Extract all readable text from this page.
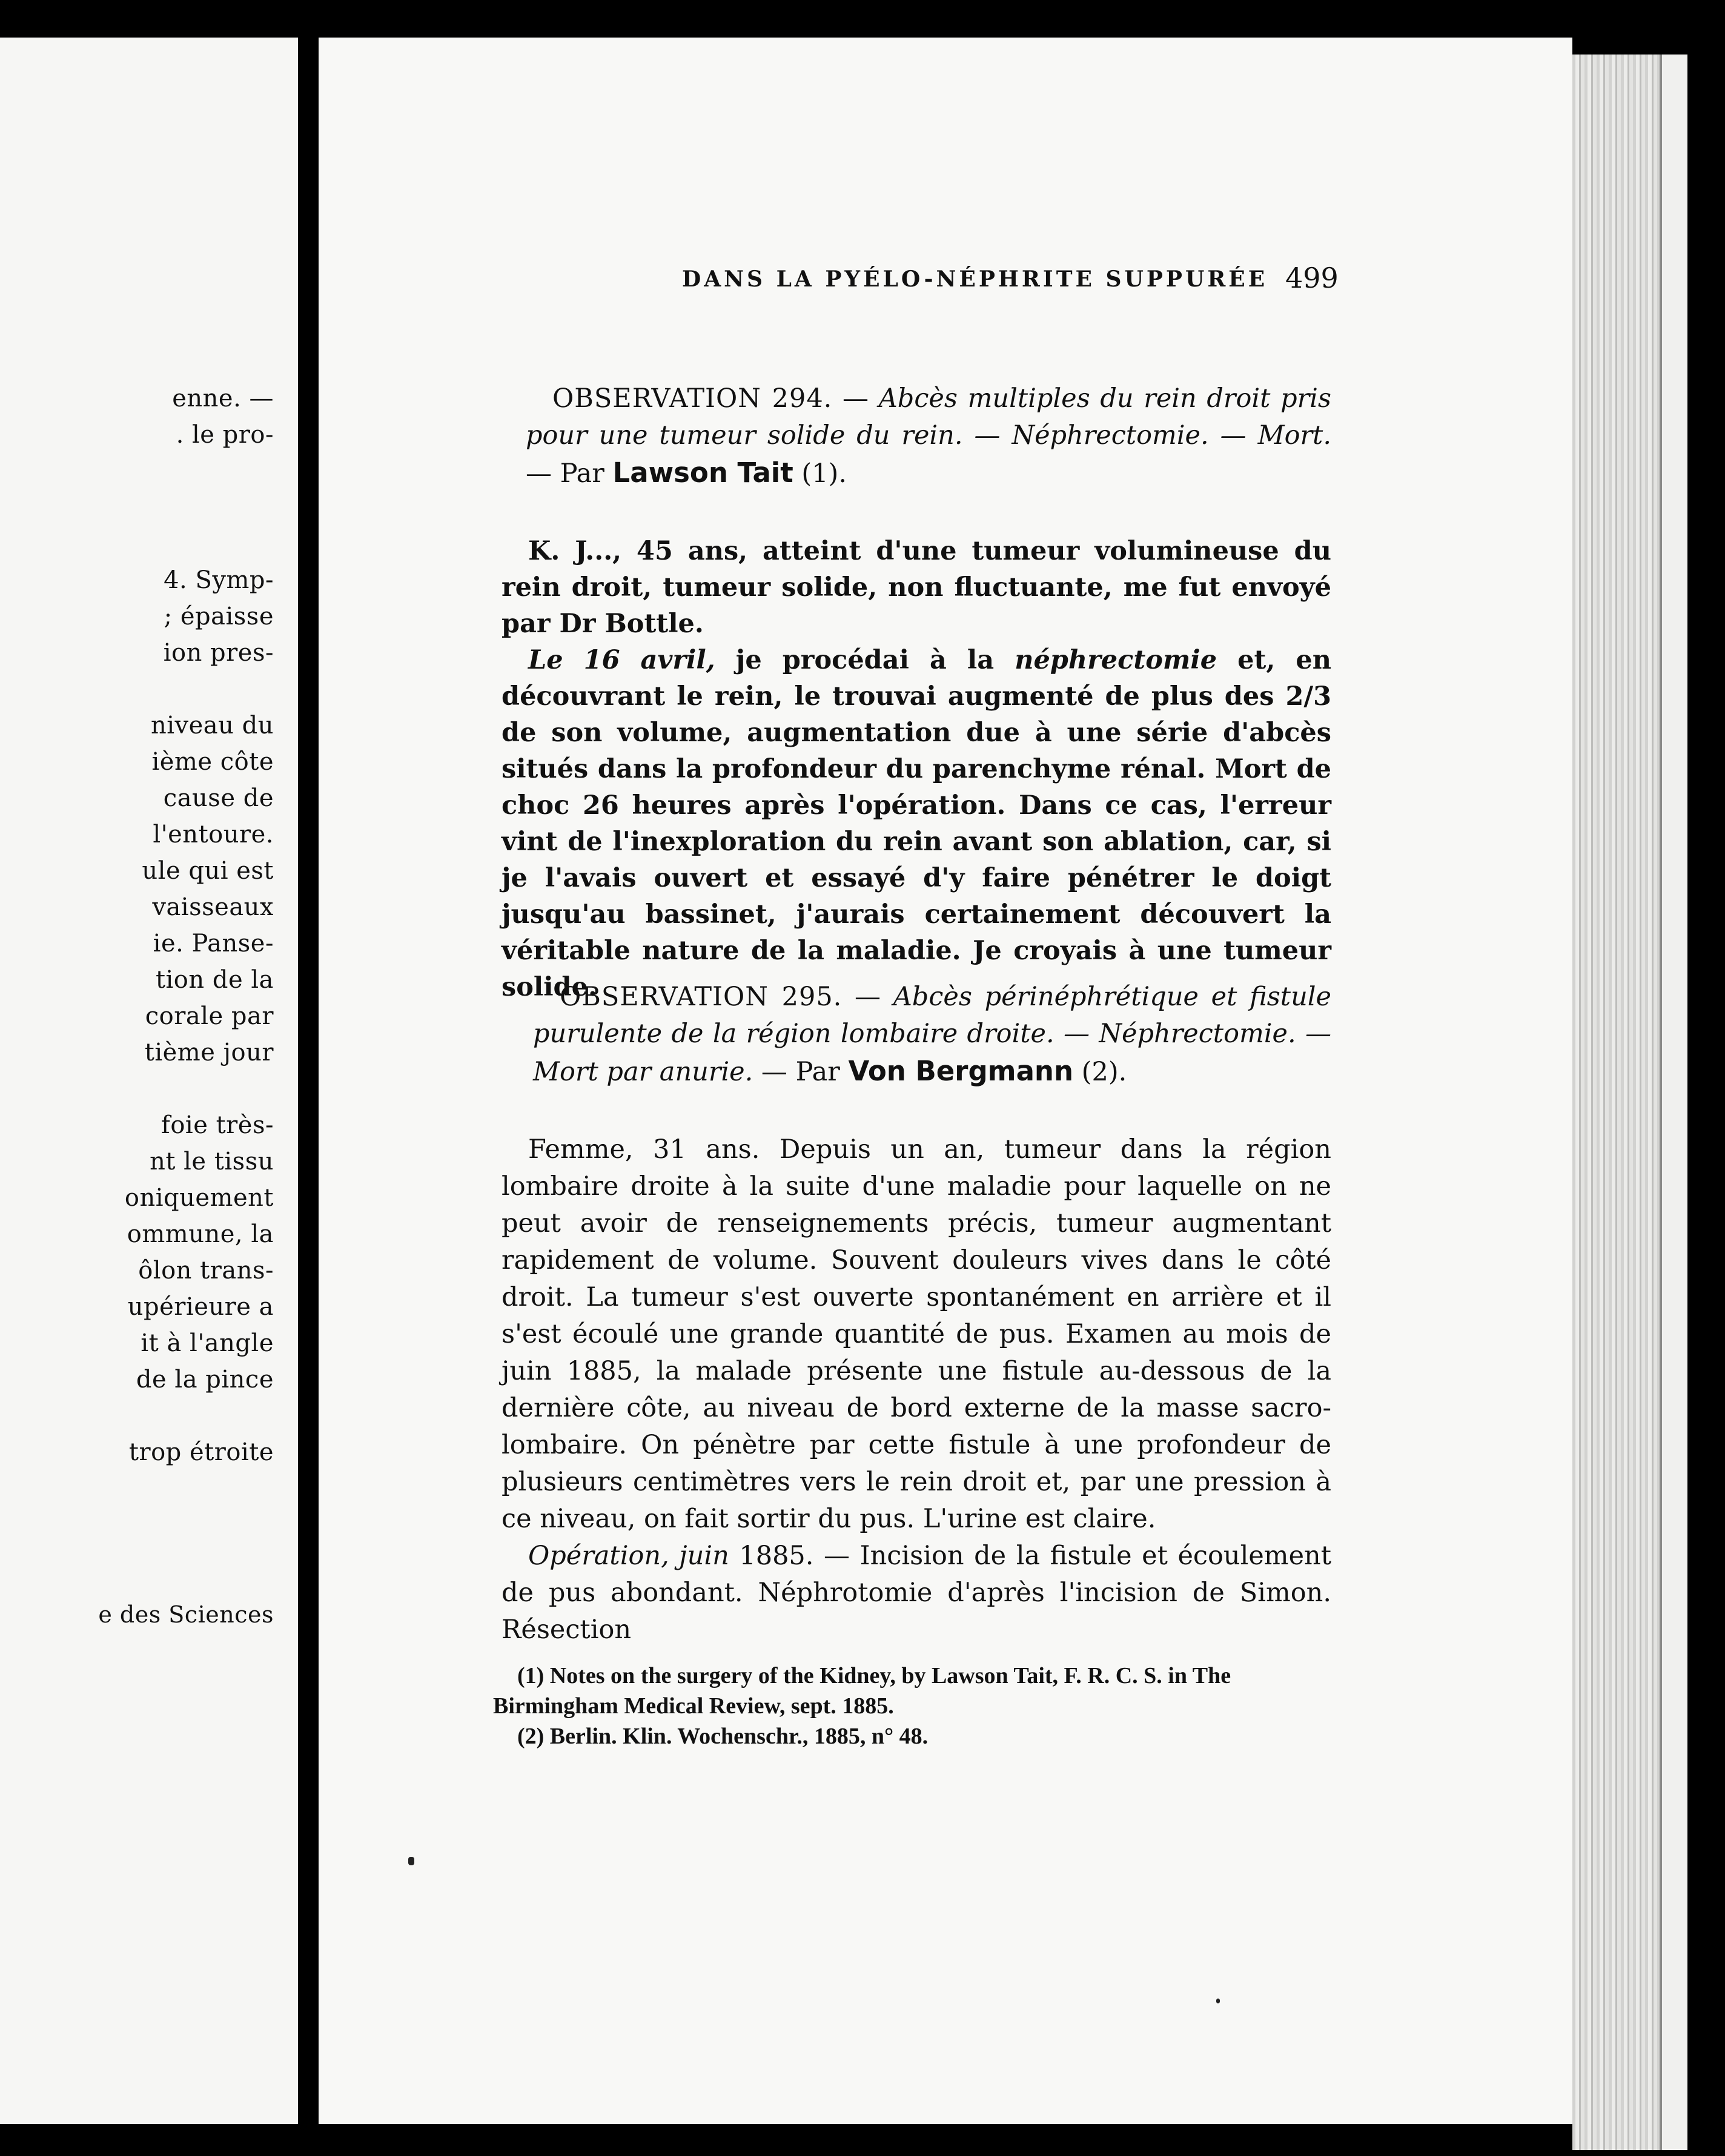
enne. —
. le pro-
4. Symp-
; épaisse
ion pres-
niveau du
ième côte
cause de
l'entoure.
ule qui est
vaisseaux
ie. Panse-
tion de la
corale par
tième jour
foie très-
nt le tissu
oniquement
ommune, la
ôlon trans-
upérieure a
it à l'angle
de la pince
trop étroite
e des Sciences
DANS LA PYÉLO-NÉPHRITE SUPPURÉE 499

OBSERVATION 294. — Abcès multiples du rein droit pris pour une tumeur solide du rein. — Néphrectomie. — Mort. — Par Lawson Tait (1).

K. J..., 45 ans, atteint d'une tumeur volumineuse du rein droit, tumeur solide, non fluctuante, me fut envoyé par Dr Bottle.

Le 16 avril, je procédai à la néphrectomie et, en découvrant le rein, le trouvai augmenté de plus des 2/3 de son volume, augmentation due à une série d'abcès situés dans la profondeur du parenchyme rénal. Mort de choc 26 heures après l'opération. Dans ce cas, l'erreur vint de l'inexploration du rein avant son ablation, car, si je l'avais ouvert et essayé d'y faire pénétrer le doigt jusqu'au bassinet, j'aurais certainement découvert la véritable nature de la maladie. Je croyais à une tumeur solide.

OBSERVATION 295. — Abcès périnéphrétique et fistule purulente de la région lombaire droite. — Néphrectomie. — Mort par anurie. — Par Von Bergmann (2).

Femme, 31 ans. Depuis un an, tumeur dans la région lombaire droite à la suite d'une maladie pour laquelle on ne peut avoir de renseignements précis, tumeur augmentant rapidement de volume. Souvent douleurs vives dans le côté droit. La tumeur s'est ouverte spontanément en arrière et il s'est écoulé une grande quantité de pus. Examen au mois de juin 1885, la malade présente une fistule au-dessous de la dernière côte, au niveau de bord externe de la masse sacro-lombaire. On pénètre par cette fistule à une profondeur de plusieurs centimètres vers le rein droit et, par une pression à ce niveau, on fait sortir du pus. L'urine est claire.

Opération, juin 1885. — Incision de la fistule et écoulement de pus abondant. Néphrotomie d'après l'incision de Simon. Résection

(1) Notes on the surgery of the Kidney, by Lawson Tait, F. R. C. S. in The Birmingham Medical Review, sept. 1885.

(2) Berlin. Klin. Wochenschr., 1885, n° 48.
